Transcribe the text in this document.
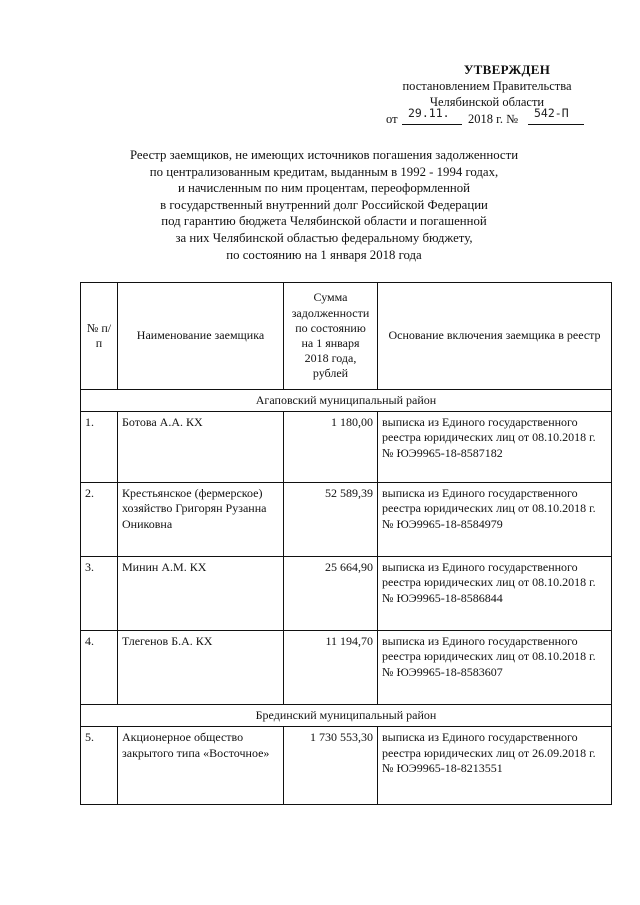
УТВЕРЖДЕН
постановлением Правительства
Челябинской области
от 29.11. 2018 г. № 542-П
Реестр заемщиков, не имеющих источников погашения задолженности
по централизованным кредитам, выданным в 1992 - 1994 годах,
и начисленным по ним процентам, переоформленной
в государственный внутренний долг Российской Федерации
под гарантию бюджета Челябинской области и погашенной
за них Челябинской областью федеральному бюджету,
по состоянию на 1 января 2018 года
№ п/п	Наименование заемщика	Сумма задолженности по состоянию на 1 января 2018 года, рублей	Основание включения заемщика в реестр
Агаповский муниципальный район			
1.	Ботова А.А. КХ	1 180,00	выписка из Единого государственного реестра юридических лиц от 08.10.2018 г. № ЮЭ9965-18-8587182
2.	Крестьянское (фермерское) хозяйство Григорян Рузанна Ониковна	52 589,39	выписка из Единого государственного реестра юридических лиц от 08.10.2018 г. № ЮЭ9965-18-8584979
3.	Минин А.М. КХ	25 664,90	выписка из Единого государственного реестра юридических лиц от 08.10.2018 г. № ЮЭ9965-18-8586844
4.	Тлегенов Б.А. КХ	11 194,70	выписка из Единого государственного реестра юридических лиц от 08.10.2018 г. № ЮЭ9965-18-8583607
Брединский муниципальный район			
5.	Акционерное общество закрытого типа «Восточное»	1 730 553,30	выписка из Единого государственного реестра юридических лиц от 26.09.2018 г. № ЮЭ9965-18-8213551
